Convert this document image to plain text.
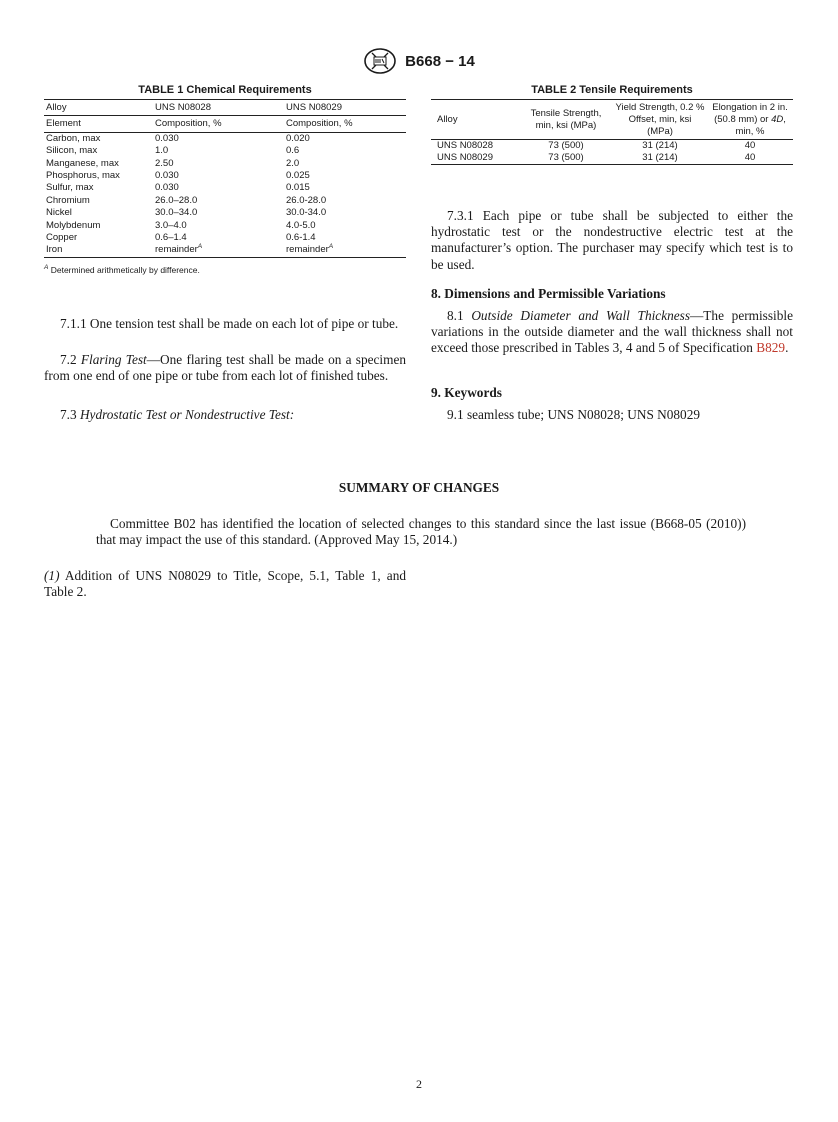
B668 − 14
TABLE 1 Chemical Requirements
Alloy	UNS N08028	UNS N08029
Element	Composition, %	Composition, %
Carbon, max	0.030	0.020
Silicon, max	1.0	0.6
Manganese, max	2.50	2.0
Phosphorus, max	0.030	0.025
Sulfur, max	0.030	0.015
Chromium	26.0–28.0	26.0-28.0
Nickel	30.0–34.0	30.0-34.0
Molybdenum	3.0–4.0	4.0-5.0
Copper	0.6–1.4	0.6-1.4
Iron	remainder$^A$	remainder$^A$
$^A$ Determined arithmetically by difference.
TABLE 2 Tensile Requirements
Alloy	Tensile Strength, min, ksi (MPa)	Yield Strength, 0.2 % Offset, min, ksi (MPa)	Elongation in 2 in. (50.8 mm) or 4D, min, %
UNS N08028	73 (500)	31 (214)	40
UNS N08029	73 (500)	31 (214)	40
7.1.1 One tension test shall be made on each lot of pipe or tube.
7.2 Flaring Test—One flaring test shall be made on a specimen from one end of one pipe or tube from each lot of finished tubes.
7.3 Hydrostatic Test or Nondestructive Test:
7.3.1 Each pipe or tube shall be subjected to either the hydrostatic test or the nondestructive electric test at the manufacturer’s option. The purchaser may specify which test is to be used.
8. Dimensions and Permissible Variations
8.1 Outside Diameter and Wall Thickness—The permissible variations in the outside diameter and the wall thickness shall not exceed those prescribed in Tables 3, 4 and 5 of Specification B829.
9. Keywords
9.1 seamless tube; UNS N08028; UNS N08029
SUMMARY OF CHANGES
Committee B02 has identified the location of selected changes to this standard since the last issue (B668-05 (2010)) that may impact the use of this standard. (Approved May 15, 2014.)
(1) Addition of UNS N08029 to Title, Scope, 5.1, Table 1, and Table 2.
2
